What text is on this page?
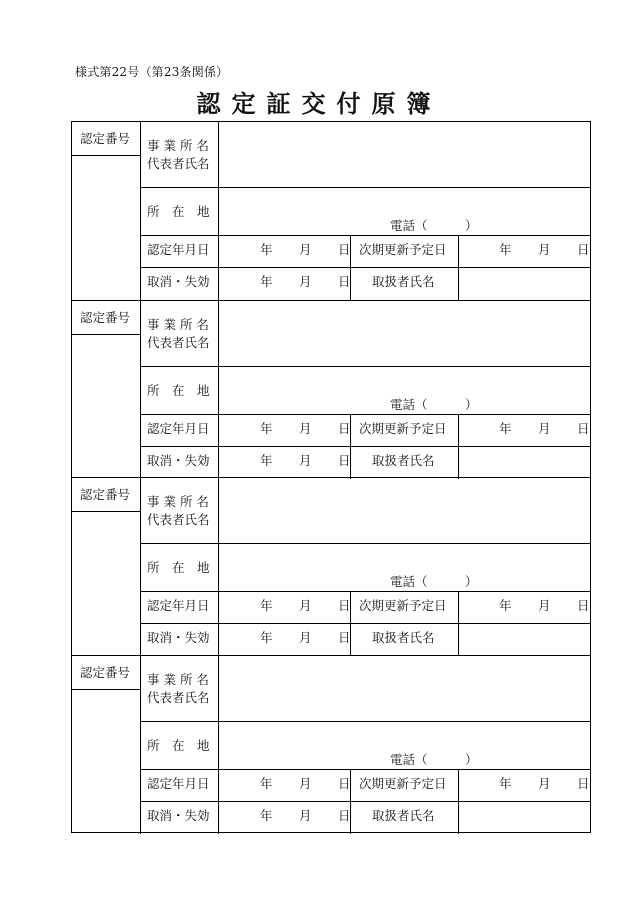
様式第22号（第23条関係）
認定証交付原簿
認定番号 事 業 所 名
代表者氏名
所　在　地
電話（　　　）
認定年月日	年 月 日 次期更新予定日	年 月 日
取消・失効	年 月 日 取扱者氏名
認定番号 事 業 所 名
代表者氏名
所　在　地
電話（　　　）
認定年月日	年 月 日 次期更新予定日	年 月 日
取消・失効	年 月 日 取扱者氏名
認定番号 事 業 所 名
代表者氏名
所　在　地
電話（　　　）
認定年月日	年 月 日 次期更新予定日	年 月 日
取消・失効	年 月 日 取扱者氏名
認定番号 事 業 所 名
代表者氏名
所　在　地
電話（　　　）
認定年月日	年 月 日 次期更新予定日	年 月 日
取消・失効	年 月 日 取扱者氏名
